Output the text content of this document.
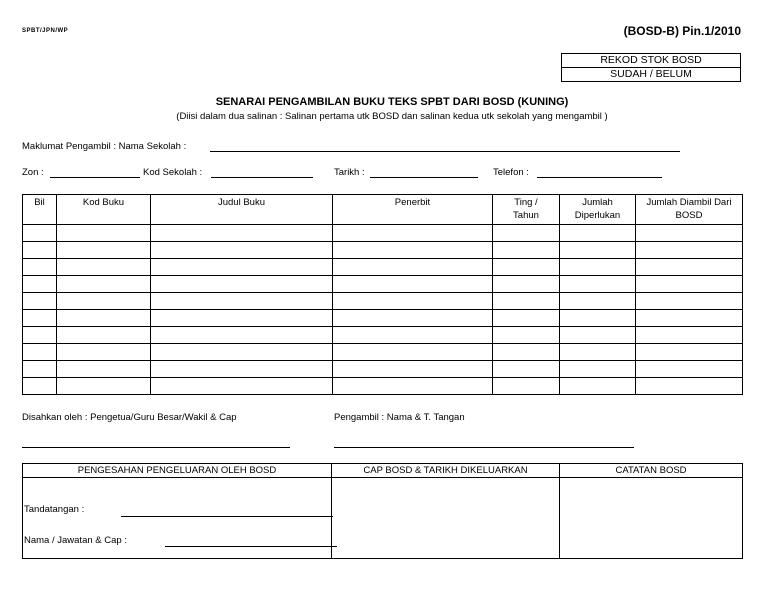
SPBT/JPN/WP	(BOSD-B) Pin.1/2010
REKOD STOK BOSD
SUDAH / BELUM
SENARAI PENGAMBILAN BUKU TEKS SPBT DARI BOSD (KUNING)
(Diisi dalam dua salinan : Salinan pertama utk BOSD dan salinan kedua utk sekolah yang mengambil )
Maklumat Pengambil : Nama Sekolah :
Zon :	Kod Sekolah :	Tarikh :	Telefon :
Bil	Kod Buku	Judul Buku	Penerbit	Ting / Tahun	Jumlah Diperlukan	Jumlah Diambil Dari BOSD

Disahkan oleh : Pengetua/Guru Besar/Wakil & Cap	Pengambil : Nama & T. Tangan
PENGESAHAN PENGELUARAN OLEH BOSD	CAP BOSD & TARIKH DIKELUARKAN	CATATAN BOSD

Tandatangan :
Nama / Jawatan & Cap :		
